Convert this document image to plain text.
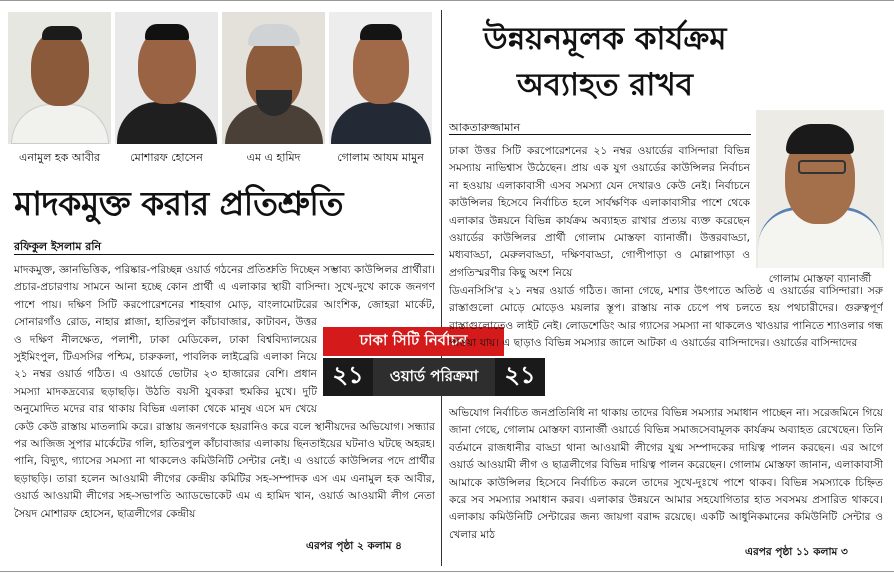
এনামুল হক আবীর	মোশারফ হোসেন	এম এ হামিদ	গোলাম আযম মামুন
মাদকমুক্ত করার প্রতিশ্রুতি
রফিকুল ইসলাম রনি

মাদকমুক্ত, জ্ঞানভিত্তিক, পরিষ্কার-পরিচ্ছন্ন ওয়ার্ড গঠনের প্রতিশ্রুতি দিচ্ছেন সম্ভাব্য কাউন্সিলর প্রার্থীরা। প্রচার-প্রচারণায় সামনে আনা হচ্ছে কোন প্রার্থী এ এলাকার স্থায়ী বাসিন্দা। সুখে-দুখে কাকে জনগণ পাশে পায়। দক্ষিণ সিটি করপোরেশনের শাহবাগ মোড়, বাংলামোটরের আংশিক, জোহরা মার্কেট, সোনারগাঁও রোড, নাহার প্লাজা, হাতিরপুল কাঁচাবাজার, কাটাবন, উত্তর ও দক্ষিণ নীলক্ষেত, পলাশী, ঢাকা মেডিকেল, ঢাকা বিশ্ববিদ্যালয়ের সুইমিংপুল, টিএসসির পশ্চিম, চারুকলা, পাবলিক লাইব্রেরি এলাকা নিয়ে ২১ নম্বর ওয়ার্ড গঠিত। এ ওয়ার্ডে ভোটার ২৩ হাজারের বেশি। প্রধান সমস্যা মাদকদ্রব্যের ছড়াছড়ি। উঠতি বয়সী যুবকরা হুমকির মুখে। দুটি অনুমোদিত মদের বার থাকায় বিভিন্ন এলাকা থেকে মানুষ এসে মদ খেয়ে কেউ কেউ রাস্তায় মাতলামি করে। রাস্তায় জনগণকে হয়রানিও করে বলে স্থানীয়দের অভিযোগ। সন্ধ্যার পর আজিজ সুপার মার্কেটের গলি, হাতিরপুল কাঁচাবাজার এলাকায় ছিনতাইয়ের ঘটনাও ঘটছে অহরহ। পানি, বিদ্যুৎ, গ্যাসের সমস্যা না থাকলেও কমিউনিটি সেন্টার নেই। এ ওয়ার্ডে কাউন্সিলর পদে প্রার্থীর ছড়াছড়ি। তারা হলেন আওয়ামী লীগের কেন্দ্রীয় কমিটির সহ-সম্পাদক এস এম এনামুল হক আবীর, ওয়ার্ড আওয়ামী লীগের সহ-সভাপতি অ্যাডভোকেট এম এ হামিদ খান, ওয়ার্ড আওয়ামী লীগ নেতা সৈয়দ মোশারফ হোসেন, ছাত্রলীগের কেন্দ্রীয়

এরপর পৃষ্ঠা ২ কলাম ৪
ঢাকা সিটি নির্বাচন
২১	ওয়ার্ড পরিক্রমা	২১
উন্নয়নমূলক কার্যক্রম
অব্যাহত রাখব
আকতারুজ্জামান
গোলাম মোস্তফা ব্যানার্জী

ঢাকা উত্তর সিটি করপোরেশনের ২১ নম্বর ওয়ার্ডের বাসিন্দারা বিভিন্ন সমস্যায় নাভিশ্বাস উঠেছেন। প্রায় এক যুগ ওয়ার্ডের কাউন্সিলর নির্বাচন না হওয়ায় এলাকাবাসী এসব সমস্যা যেন দেখারও কেউ নেই। নির্বাচনে কাউন্সিলর হিসেবে নির্বাচিত হলে সার্বক্ষণিক এলাকাবাসীর পাশে থেকে এলাকার উন্নয়নে বিভিন্ন কার্যক্রম অব্যাহত রাখার প্রত্যয় ব্যক্ত করেছেন ওয়ার্ডের কাউন্সিলর প্রার্থী গোলাম মোস্তফা ব্যানার্জী। উত্তরবাড্ডা, মধ্যবাড্ডা, মেরুলবাড্ডা, দক্ষিণবাড্ডা, গোপীপাড়া ও মোল্লাপাড়া ও প্রগতিস্মরণীর কিছু অংশ নিয়ে

ডিএনসিসি'র ২১ নম্বর ওয়ার্ড গঠিত। জানা গেছে, মশার উৎপাতে অতিষ্ঠ এ ওয়ার্ডের বাসিন্দারা। সরু রাস্তাগুলো মোড়ে মোড়েও ময়লার স্তূপ। রাস্তায় নাক চেপে পথ চলতে হয় পথচারীদের। গুরুত্বপূর্ণ রাস্তাগুলোতেও লাইট নেই। লোডশেডিং আর গ্যাসের সমস্যা না থাকলেও খাওয়ার পানিতে শ্যাওলার গন্ধ পাওয়া যায়। এ ছাড়াও বিভিন্ন সমস্যার জালে আটকা এ ওয়ার্ডের বাসিন্দাদের। ওয়ার্ডের বাসিন্দাদের

অভিযোগ নির্বাচিত জনপ্রতিনিধি না থাকায় তাদের বিভিন্ন সমস্যার সমাধান পাচ্ছেন না। সরেজমিনে গিয়ে জানা গেছে, গোলাম মোস্তফা ব্যানার্জী ওয়ার্ডে বিভিন্ন সমাজসেবামূলক কার্যক্রম অব্যাহত রেখেছেন। তিনি বর্তমানে রাজধানীর বাড্ডা থানা আওয়ামী লীগের যুগ্ম সম্পাদকের দায়িত্ব পালন করছেন। এর আগে ওয়ার্ড আওয়ামী লীগ ও ছাত্রলীগের বিভিন্ন দায়িত্ব পালন করেছেন। গোলাম মোস্তফা জানান, এলাকাবাসী আমাকে কাউন্সিলর হিসেবে নির্বাচিত করলে তাদের সুখে-দুঃখে পাশে থাকব। বিভিন্ন সমস্যাকে চিহ্নিত করে সব সমস্যার সমাধান করব। এলাকার উন্নয়নে আমার সহযোগিতার হাত সবসময় প্রসারিত থাকবে। এলাকায় কমিউনিটি সেন্টারের জন্য জায়গা বরাদ্দ রয়েছে। একটি আধুনিকমানের কমিউনিটি সেন্টার ও খেলার মাঠ

এরপর পৃষ্ঠা ১১ কলাম ৩
